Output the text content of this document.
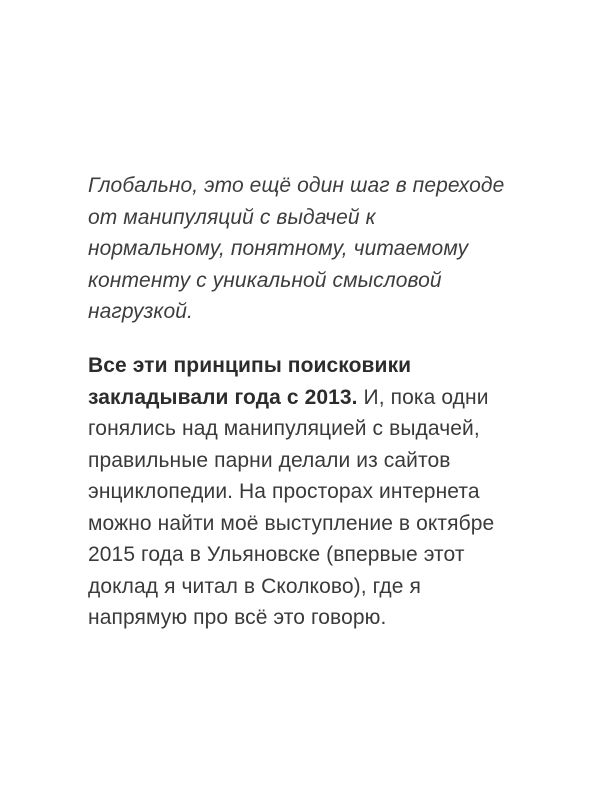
Глобально, это ещё один шаг в переходе
от манипуляций с выдачей к
нормальному, понятному, читаемому
контенту с уникальной смысловой
нагрузкой.
Все эти принципы поисковики
закладывали года с 2013. И, пока одни
гонялись над манипуляцией с выдачей,
правильные парни делали из сайтов
энциклопедии. На просторах интернета
можно найти моё выступление в октябре
2015 года в Ульяновске (впервые этот
доклад я читал в Сколково), где я
напрямую про всё это говорю.
